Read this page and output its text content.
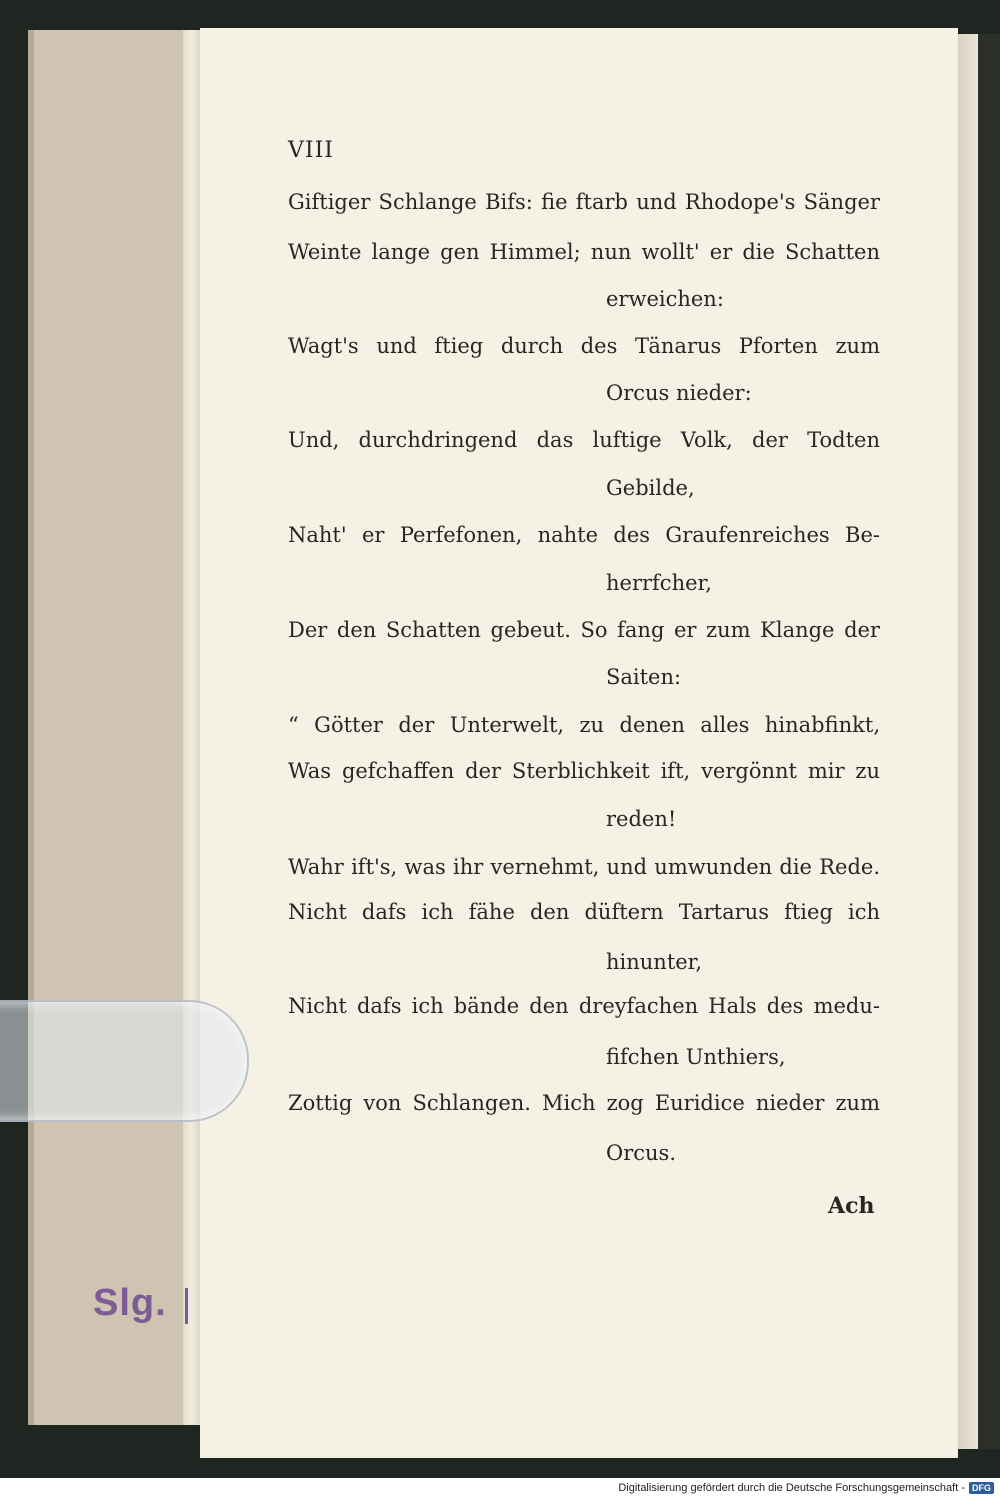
Slg.
VIII
Giftiger Schlange Bifs: fie ftarb und Rhodope's Sänger
Weinte lange gen Himmel; nun wollt' er die Schatten
erweichen:
Wagt's und ftieg durch des Tänarus Pforten zum
Orcus nieder:
Und, durchdringend das luftige Volk, der Todten
Gebilde,
Naht' er Perfefonen, nahte des Graufenreiches Be-
herrfcher,
Der den Schatten gebeut. So fang er zum Klange der
Saiten:
“ Götter der Unterwelt, zu denen alles hinabfinkt,
Was gefchaffen der Sterblichkeit ift, vergönnt mir zu
reden!
Wahr ift's, was ihr vernehmt, und umwunden die Rede.
Nicht dafs ich fähe den düftern Tartarus ftieg ich
hinunter,
Nicht dafs ich bände den dreyfachen Hals des medu-
fifchen Unthiers,
Zottig von Schlangen. Mich zog Euridice nieder zum
Orcus.
Ach
Digitalisierung gefördert durch die Deutsche Forschungsgemeinschaft - DFG
